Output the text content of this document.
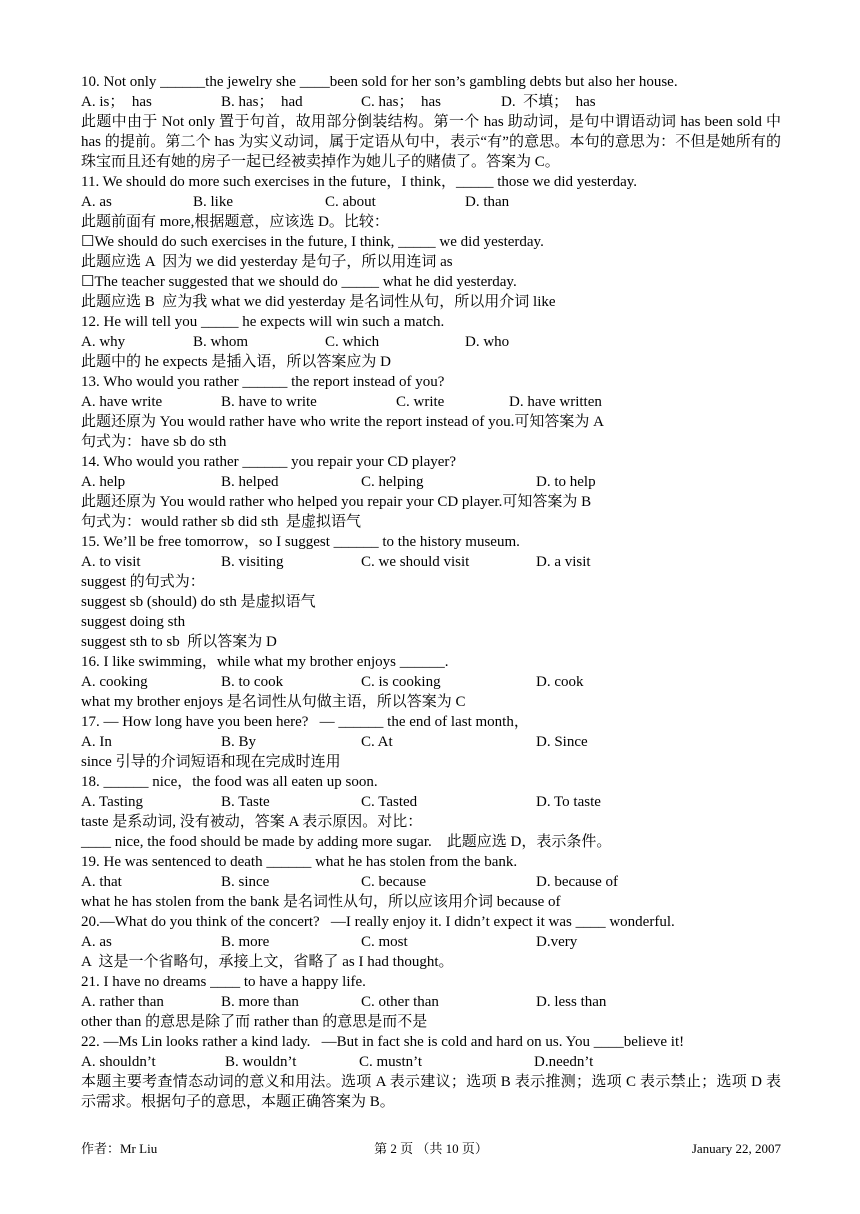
10. Not only ______the jewelry she ____been sold for her son’s gambling debts but also her house.
A. is；  has	B. has；  had	C. has；  has	D.  不填；  has
此题中由于 Not only 置于句首，故用部分倒装结构。第一个 has 助动词，是句中谓语动词 has been sold 中 has 的提前。第二个 has 为实义动词，属于定语从句中，表示“有”的意思。本句的意思为：不但是她所有的珠宝而且还有她的房子一起已经被卖掉作为她儿子的赌债了。答案为 C。
11. We should do more such exercises in the future，I think，_____ those we did yesterday.
A. as	B. like	C. about	D. than
此题前面有 more,根据题意，应该选 D。比较：
☐We should do such exercises in the future, I think, _____ we did yesterday.
此题应选 A  因为 we did yesterday 是句子，所以用连词 as
☐The teacher suggested that we should do _____ what he did yesterday.
此题应选 B  应为我 what we did yesterday 是名词性从句，所以用介词 like
12. He will tell you _____ he expects will win such a match.
A. why	B. whom	C. which	D. who
此题中的 he expects 是插入语，所以答案应为 D
13. Who would you rather ______ the report instead of you?
A. have write	B. have to write	C. write	D. have written
此题还原为 You would rather have who write the report instead of you.可知答案为 A
句式为：have sb do sth
14. Who would you rather ______ you repair your CD player?
A. help	B. helped	C. helping	D. to help
此题还原为 You would rather who helped you repair your CD player.可知答案为 B
句式为：would rather sb did sth  是虚拟语气
15. We’ll be free tomorrow，so I suggest ______ to the history museum.
A. to visit	B. visiting	C. we should visit	D. a visit
suggest 的句式为：
suggest sb (should) do sth 是虚拟语气
suggest doing sth
suggest sth to sb  所以答案为 D
16. I like swimming，while what my brother enjoys ______.
A. cooking	B. to cook	C. is cooking	D. cook
what my brother enjoys 是名词性从句做主语，所以答案为 C
17. — How long have you been here?   — ______ the end of last month，
A. In	B. By	C. At	D. Since
since 引导的介词短语和现在完成时连用
18. ______ nice，the food was all eaten up soon.
A. Tasting	B. Taste	C. Tasted	D. To taste
taste 是系动词, 没有被动，答案 A 表示原因。对比：
____ nice, the food should be made by adding more sugar.    此题应选 D，表示条件。
19. He was sentenced to death ______ what he has stolen from the bank.
A. that	B. since	C. because	D. because of
what he has stolen from the bank 是名词性从句，所以应该用介词 because of
20.—What do you think of the concert?   —I really enjoy it. I didn’t expect it was ____ wonderful.
A. as	B. more	C. most	D.very
A  这是一个省略句，承接上文，省略了 as I had thought。
21. I have no dreams ____ to have a happy life.
A. rather than	B. more than	C. other than	D. less than
other than 的意思是除了而 rather than 的意思是而不是
22. —Ms Lin looks rather a kind lady.   —But in fact she is cold and hard on us. You ____believe it!
A. shouldn’t	B. wouldn’t	C. mustn’t	D.needn’t
本题主要考查情态动词的意义和用法。选项 A 表示建议；选项 B 表示推测；选项 C 表示禁止；选项 D 表示需求。根据句子的意思，本题正确答案为 B。
作者：Mr Liu	第 2 页 （共 10 页）	January 22, 2007
